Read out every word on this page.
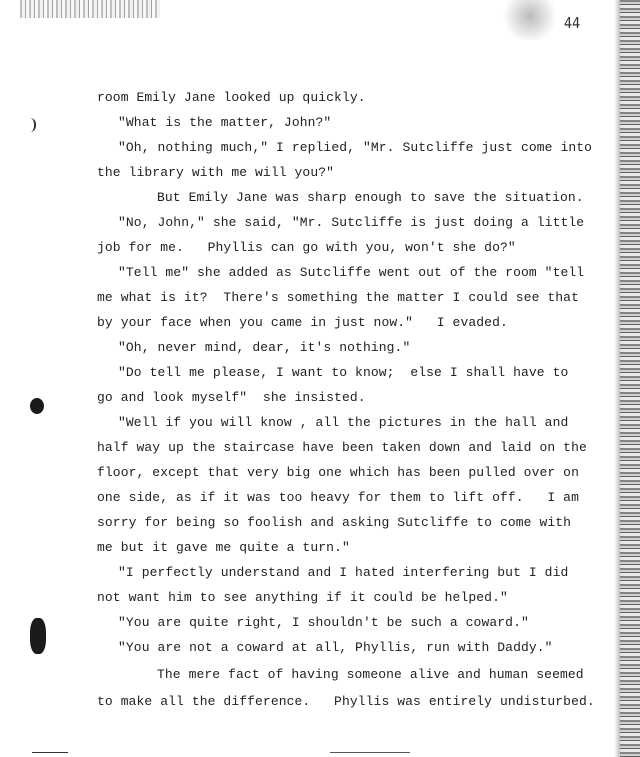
44
room Emily Jane looked up quickly.
"What is the matter, John?"
"Oh, nothing much," I replied, "Mr. Sutcliffe just come into
the library with me will you?"
But Emily Jane was sharp enough to save the situation.
"No, John," she said, "Mr. Sutcliffe is just doing a little
job for me.   Phyllis can go with you, won't she do?"
"Tell me" she added as Sutcliffe went out of the room "tell
me what is it?  There's something the matter I could see that
by your face when you came in just now."   I evaded.
"Oh, never mind, dear, it's nothing."
"Do tell me please, I want to know;  else I shall have to
go and look myself"  she insisted.
"Well if you will know , all the pictures in the hall and
half way up the staircase have been taken down and laid on the
floor, except that very big one which has been pulled over on
one side, as if it was too heavy for them to lift off.   I am
sorry for being so foolish and asking Sutcliffe to come with
me but it gave me quite a turn."
"I perfectly understand and I hated interfering but I did
not want him to see anything if it could be helped."
"You are quite right, I shouldn't be such a coward."
"You are not a coward at all, Phyllis, run with Daddy."
The mere fact of having someone alive and human seemed
to make all the difference.   Phyllis was entirely undisturbed.
